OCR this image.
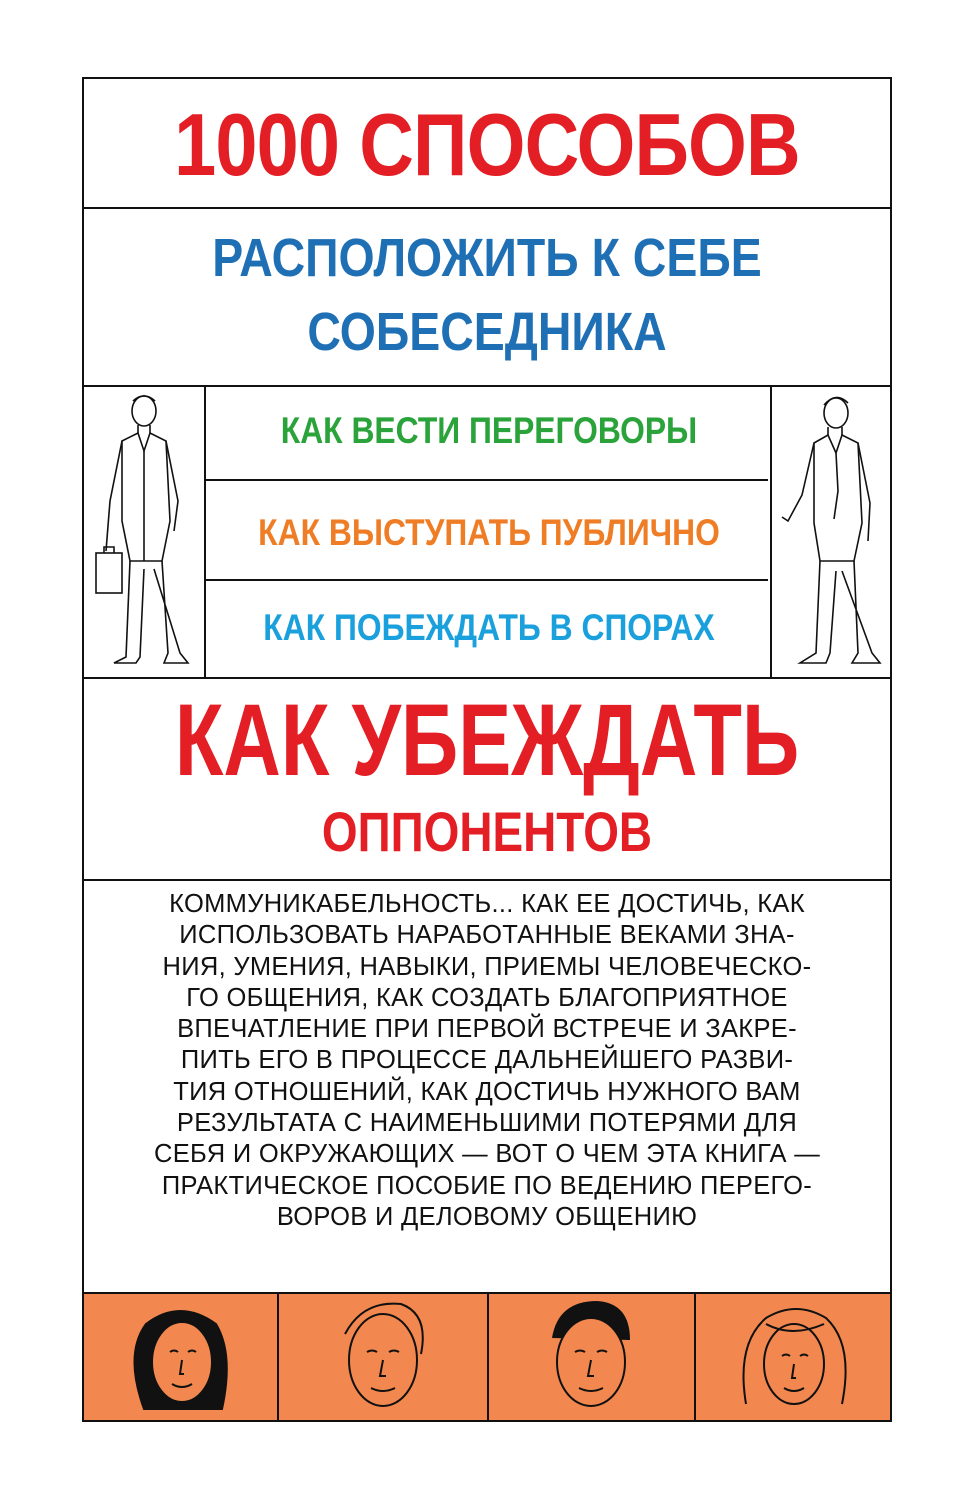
1000 СПОСОБОВ
РАСПОЛОЖИТЬ К СЕБЕ
СОБЕСЕДНИКА
КАК ВЕСТИ ПЕРЕГОВОРЫ
КАК ВЫСТУПАТЬ ПУБЛИЧНО
КАК ПОБЕЖДАТЬ В СПОРАХ
КАК УБЕЖДАТЬ
ОППОНЕНТОВ
КОММУНИКАБЕЛЬНОСТЬ... КАК ЕЕ ДОСТИЧЬ, КАК
ИСПОЛЬЗОВАТЬ НАРАБОТАННЫЕ ВЕКАМИ ЗНА-
НИЯ, УМЕНИЯ, НАВЫКИ, ПРИЕМЫ ЧЕЛОВЕЧЕСКО-
ГО ОБЩЕНИЯ, КАК СОЗДАТЬ БЛАГОПРИЯТНОЕ
ВПЕЧАТЛЕНИЕ ПРИ ПЕРВОЙ ВСТРЕЧЕ И ЗАКРЕ-
ПИТЬ ЕГО В ПРОЦЕССЕ ДАЛЬНЕЙШЕГО РАЗВИ-
ТИЯ ОТНОШЕНИЙ, КАК ДОСТИЧЬ НУЖНОГО ВАМ
РЕЗУЛЬТАТА С НАИМЕНЬШИМИ ПОТЕРЯМИ ДЛЯ
СЕБЯ И ОКРУЖАЮЩИХ — ВОТ О ЧЕМ ЭТА КНИГА —
ПРАКТИЧЕСКОЕ ПОСОБИЕ ПО ВЕДЕНИЮ ПЕРЕГО-
ВОРОВ И ДЕЛОВОМУ ОБЩЕНИЮ
